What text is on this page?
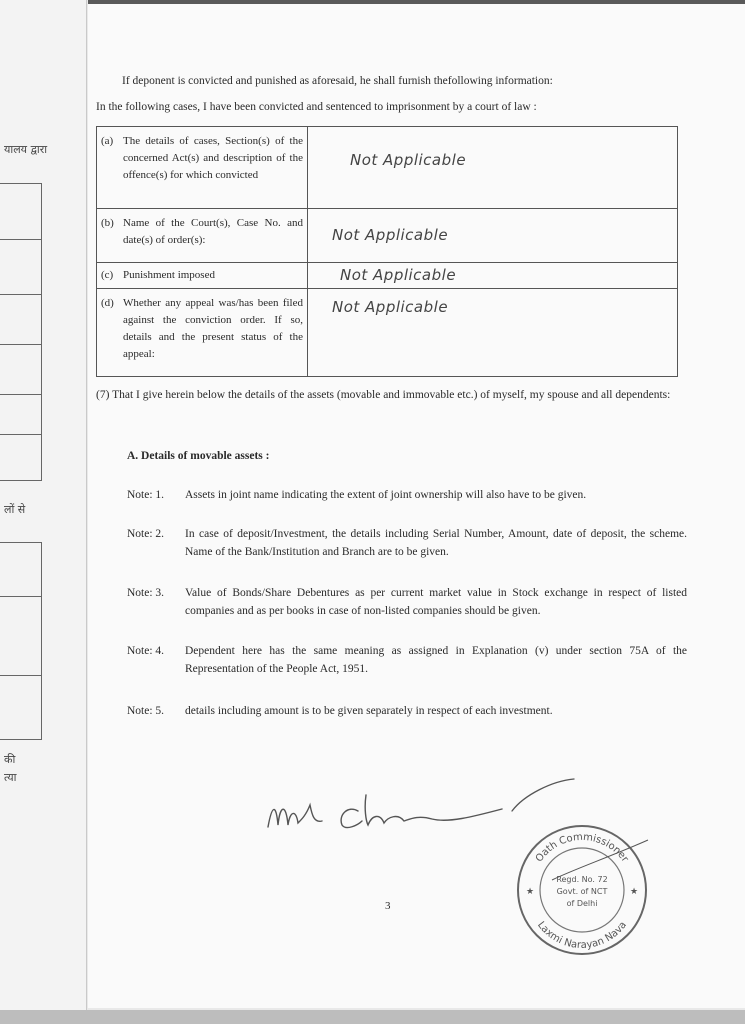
यालय द्वारा
लों से
की
त्या
If deponent is convicted and punished as aforesaid, he shall furnish thefollowing information:
In the following cases, I have been convicted and sentenced to imprisonment by a court of law :
(a) The details of cases, Section(s) of the concerned Act(s) and description of the offence(s) for which convicted	Not Applicable

(b) Name of the Court(s), Case No. and date(s) of order(s):	Not Applicable

(c) Punishment imposed	Not Applicable

(d) Whether any appeal was/has been filed against the conviction order. If so, details and the present status of the appeal:	Not Applicable
(7) That I give herein below the details of the assets (movable and immovable etc.) of myself, my spouse and all dependents:
A. Details of movable assets :
Note: 1.	Assets in joint name indicating the extent of joint ownership will also have to be given.
Note: 2.	In case of deposit/Investment, the details including Serial Number, Amount, date of deposit, the scheme. Name of the Bank/Institution and Branch are to be given.
Note: 3.	Value of Bonds/Share Debentures as per current market value in Stock exchange in respect of listed companies and as per books in case of non-listed companies should be given.
Note: 4.	Dependent here has the same meaning as assigned in Explanation (v) under section 75A of the Representation of the People Act, 1951.
Note: 5.	details including amount is to be given separately in respect of each investment.
3
Oath Commissioner
Laxmi Narayan Nava
Regd. No. 72
Govt. of NCT
of Delhi
★	★
